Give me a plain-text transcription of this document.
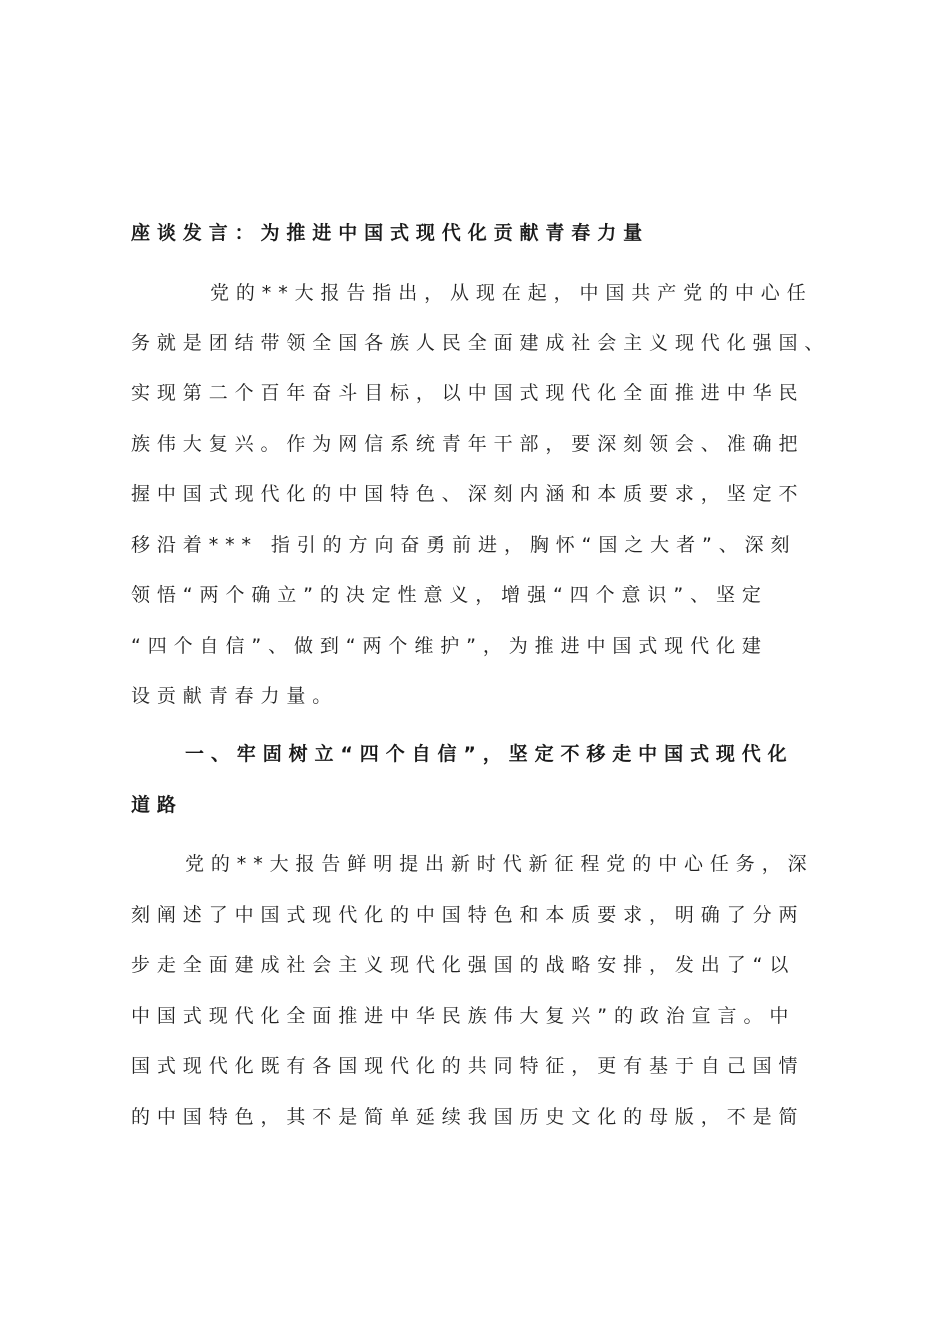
座谈发言：为推进中国式现代化贡献青春力量
党的**大报告指出，从现在起，中国共产党的中心任
务就是团结带领全国各族人民全面建成社会主义现代化强国、
实现第二个百年奋斗目标，以中国式现代化全面推进中华民
族伟大复兴。作为网信系统青年干部，要深刻领会、准确把
握中国式现代化的中国特色、深刻内涵和本质要求，坚定不
移沿着*** 指引的方向奋勇前进，胸怀“国之大者”、深刻
领悟“两个确立”的决定性意义，增强“四个意识”、坚定
“四个自信”、做到“两个维护”，为推进中国式现代化建
设贡献青春力量。
一、牢固树立“四个自信”，坚定不移走中国式现代化
道路
党的**大报告鲜明提出新时代新征程党的中心任务，深
刻阐述了中国式现代化的中国特色和本质要求，明确了分两
步走全面建成社会主义现代化强国的战略安排，发出了“以
中国式现代化全面推进中华民族伟大复兴”的政治宣言。中
国式现代化既有各国现代化的共同特征，更有基于自己国情
的中国特色，其不是简单延续我国历史文化的母版，不是简
